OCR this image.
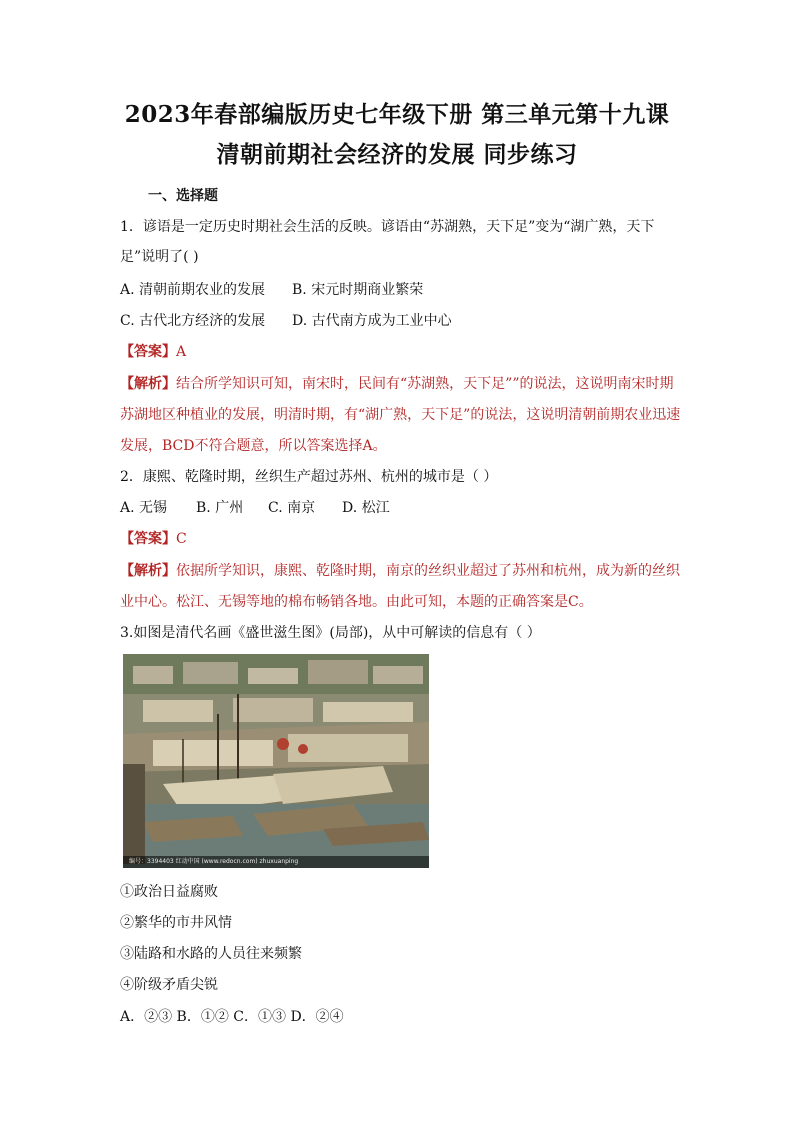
2023年春部编版历史七年级下册 第三单元第十九课
清朝前期社会经济的发展 同步练习
一、选择题
1．谚语是一定历史时期社会生活的反映。谚语由“苏湖熟，天下足”变为“湖广熟，天下
足”说明了( )
A. 清朝前期农业的发展 B. 宋元时期商业繁荣
C. 古代北方经济的发展 D. 古代南方成为工业中心
【答案】A
【解析】结合所学知识可知，南宋时，民间有“苏湖熟，天下足””的说法，这说明南宋时期
苏湖地区种植业的发展，明清时期，有“湖广熟，天下足”的说法，这说明清朝前期农业迅速
发展，BCD不符合题意，所以答案选择A。
2．康熙、乾隆时期，丝织生产超过苏州、杭州的城市是（ ）
A. 无锡 B. 广州 C. 南京 D. 松江
【答案】C
【解析】依据所学知识，康熙、乾隆时期，南京的丝织业超过了苏州和杭州，成为新的丝织
业中心。松江、无锡等地的棉布畅销各地。由此可知，本题的正确答案是C。
3.如图是清代名画《盛世滋生图》(局部)，从中可解读的信息有（ ）
编号：3394403 红动中国 (www.redocn.com) zhuxuanping
①政治日益腐败
②繁华的市井风情
③陆路和水路的人员往来频繁
④阶级矛盾尖锐
A．②③ B．①② C．①③ D．②④
